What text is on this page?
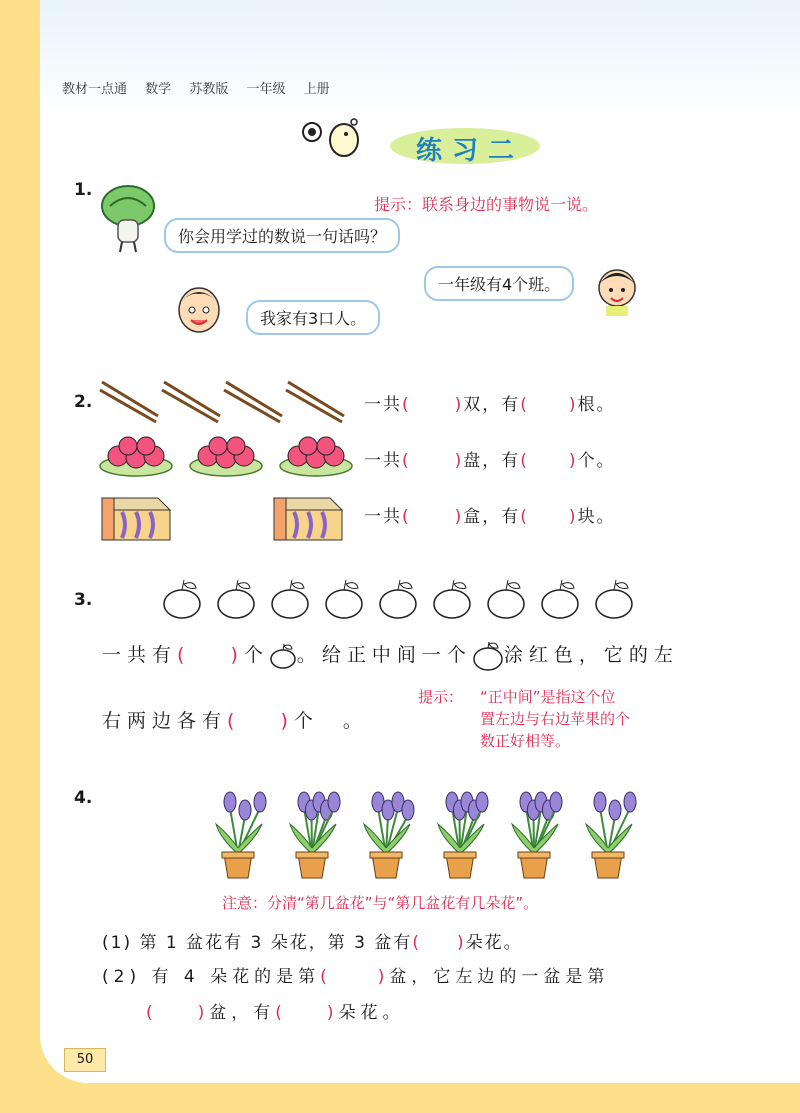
教材一点通 数学 苏教版 一年级 上册
练习二
1.
提示：联系身边的事物说一说。
你会用学过的数说一句话吗？
一年级有4个班。
我家有3口人。
2.	一共(	)双，有( )根。
一共(	)盘，有( )个。
一共(	)盒，有( )块。
3.
一共有( )个 。给正中间一个 涂红色，它的左
右两边各有( )个 。
提示： “正中间”是指这个位
置左边与右边苹果的个
数正好相等。
4.
注意：分清“第几盆花”与“第几盆花有几朵花”。
(1) 第 1 盆花有 3 朵花，第 3 盆有( )朵花。
(2) 有 4 朵花的是第(	)盆，它左边的一盆是第
( )盆，有( )朵花。
50
